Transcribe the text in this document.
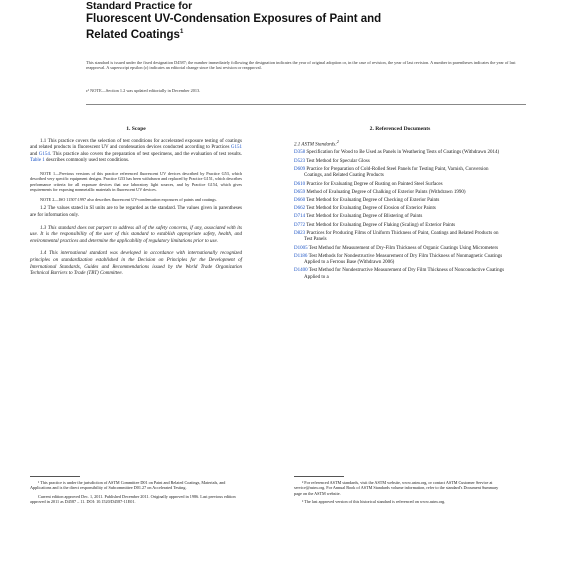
Standard Practice for
Fluorescent UV-Condensation Exposures of Paint and
Related Coatings$^1$
This standard is issued under the fixed designation D4587; the number immediately following the designation indicates the year of original adoption or, in the case of revision, the year of last revision. A number in parentheses indicates the year of last reapproval. A superscript epsilon (ε) indicates an editorial change since the last revision or reapproval.
ε¹ NOTE—Section 1.2 was updated editorially in December 2013.
1. Scope

1.1 This practice covers the selection of test conditions for accelerated exposure testing of coatings and related products in fluorescent UV and condensation devices conducted according to Practices G151 and G154. This practice also covers the preparation of test specimens, and the evaluation of test results. Table 1 describes commonly used test conditions.

NOTE 1—Previous versions of this practice referenced fluorescent UV devices described by Practice G53, which described very specific equipment designs. Practice G53 has been withdrawn and replaced by Practice G151, which describes performance criteria for all exposure devices that use laboratory light sources, and by Practice G154, which gives requirements for exposing nonmetallic materials in fluorescent UV devices.

NOTE 2—ISO 11507:1997 also describes fluorescent UV-condensation exposures of paints and coatings.

1.2 The values stated in SI units are to be regarded as the standard. The values given in parentheses are for information only.

1.3 This standard does not purport to address all of the safety concerns, if any, associated with its use. It is the responsibility of the user of this standard to establish appropriate safety, health, and environmental practices and determine the applicability of regulatory limitations prior to use.

1.4 This international standard was developed in accordance with internationally recognized principles on standardization established in the Decision on Principles for the Development of International Standards, Guides and Recommendations issued by the World Trade Organization Technical Barriers to Trade (TBT) Committee.

2. Referenced Documents
2.1 ASTM Standards:$^2$
D358 Specification for Wood to Be Used as Panels in Weathering Tests of Coatings (Withdrawn 2014)
D523 Test Method for Specular Gloss
D609 Practice for Preparation of Cold-Rolled Steel Panels for Testing Paint, Varnish, Conversion Coatings, and Related Coating Products
D610 Practice for Evaluating Degree of Rusting on Painted Steel Surfaces
D659 Method of Evaluating Degree of Chalking of Exterior Paints (Withdrawn 1990)
D660 Test Method for Evaluating Degree of Checking of Exterior Paints
D662 Test Method for Evaluating Degree of Erosion of Exterior Paints
D714 Test Method for Evaluating Degree of Blistering of Paints
D772 Test Method for Evaluating Degree of Flaking (Scaling) of Exterior Paints
D823 Practices for Producing Films of Uniform Thickness of Paint, Coatings and Related Products on Test Panels
D1005 Test Method for Measurement of Dry-Film Thickness of Organic Coatings Using Micrometers
D1186 Test Methods for Nondestructive Measurement of Dry Film Thickness of Nonmagnetic Coatings Applied to a Ferrous Base (Withdrawn 2006)
D1400 Test Method for Nondestructive Measurement of Dry Film Thickness of Nonconductive Coatings Applied to a

¹ This practice is under the jurisdiction of ASTM Committee D01 on Paint and Related Coatings, Materials, and Applications and is the direct responsibility of Subcommittee D01.27 on Accelerated Testing.

Current edition approved Dec. 1, 2011. Published December 2011. Originally approved in 1986. Last previous edition approved in 2011 as D4587 – 11. DOI: 10.1520/D4587-11E01.

² For referenced ASTM standards, visit the ASTM website, www.astm.org, or contact ASTM Customer Service at service@astm.org. For Annual Book of ASTM Standards volume information, refer to the standard's Document Summary page on the ASTM website.

³ The last approved version of this historical standard is referenced on www.astm.org.
